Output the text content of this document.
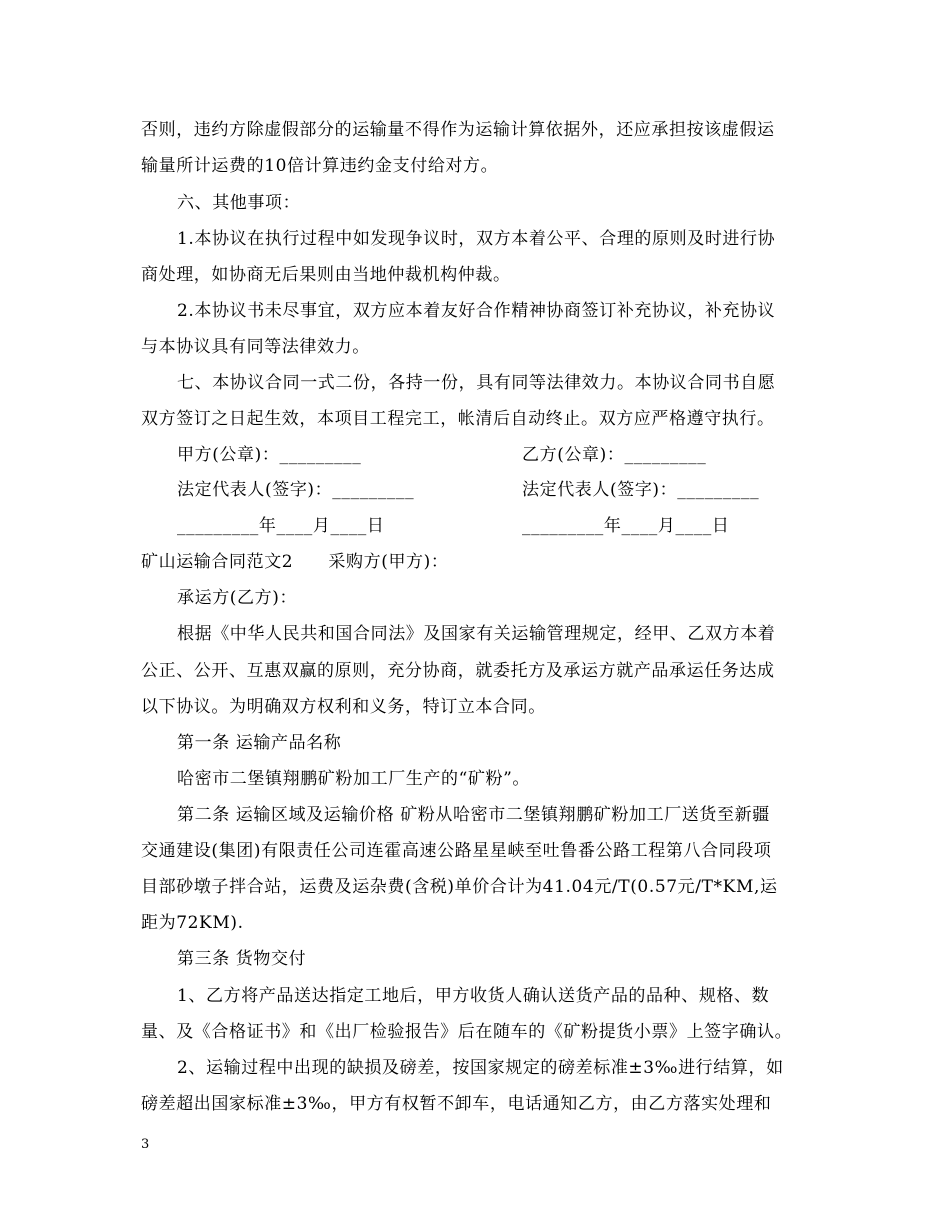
否则，违约方除虚假部分的运输量不得作为运输计算依据外，还应承担按该虚假运
输量所计运费的10倍计算违约金支付给对方。
六、其他事项：
1.本协议在执行过程中如发现争议时，双方本着公平、合理的原则及时进行协
商处理，如协商无后果则由当地仲裁机构仲裁。
2.本协议书未尽事宜，双方应本着友好合作精神协商签订补充协议，补充协议
与本协议具有同等法律效力。
七、本协议合同一式二份，各持一份，具有同等法律效力。本协议合同书自愿
双方签订之日起生效，本项目工程完工，帐清后自动终止。双方应严格遵守执行。
甲方(公章)：_________	乙方(公章)：_________
法定代表人(签字)：_________	法定代表人(签字)：_________
_________年____月____日	_________年____月____日
矿山运输合同范文2　　采购方(甲方)：
承运方(乙方)：
根据《中华人民共和国合同法》及国家有关运输管理规定，经甲、乙双方本着
公正、公开、互惠双赢的原则，充分协商，就委托方及承运方就产品承运任务达成
以下协议。为明确双方权利和义务，特订立本合同。
第一条 运输产品名称
哈密市二堡镇翔鹏矿粉加工厂生产的“矿粉”。
第二条 运输区域及运输价格 矿粉从哈密市二堡镇翔鹏矿粉加工厂送货至新疆
交通建设(集团)有限责任公司连霍高速公路星星峡至吐鲁番公路工程第八合同段项
目部砂墩子拌合站，运费及运杂费(含税)单价合计为41.04元/T(0.57元/T*KM,运
距为72KM).
第三条 货物交付
1、乙方将产品送达指定工地后，甲方收货人确认送货产品的品种、规格、数
量、及《合格证书》和《出厂检验报告》后在随车的《矿粉提货小票》上签字确认。
2、运输过程中出现的缺损及磅差，按国家规定的磅差标准±3‰进行结算，如
磅差超出国家标准±3‰，甲方有权暂不卸车，电话通知乙方，由乙方落实处理和
3
